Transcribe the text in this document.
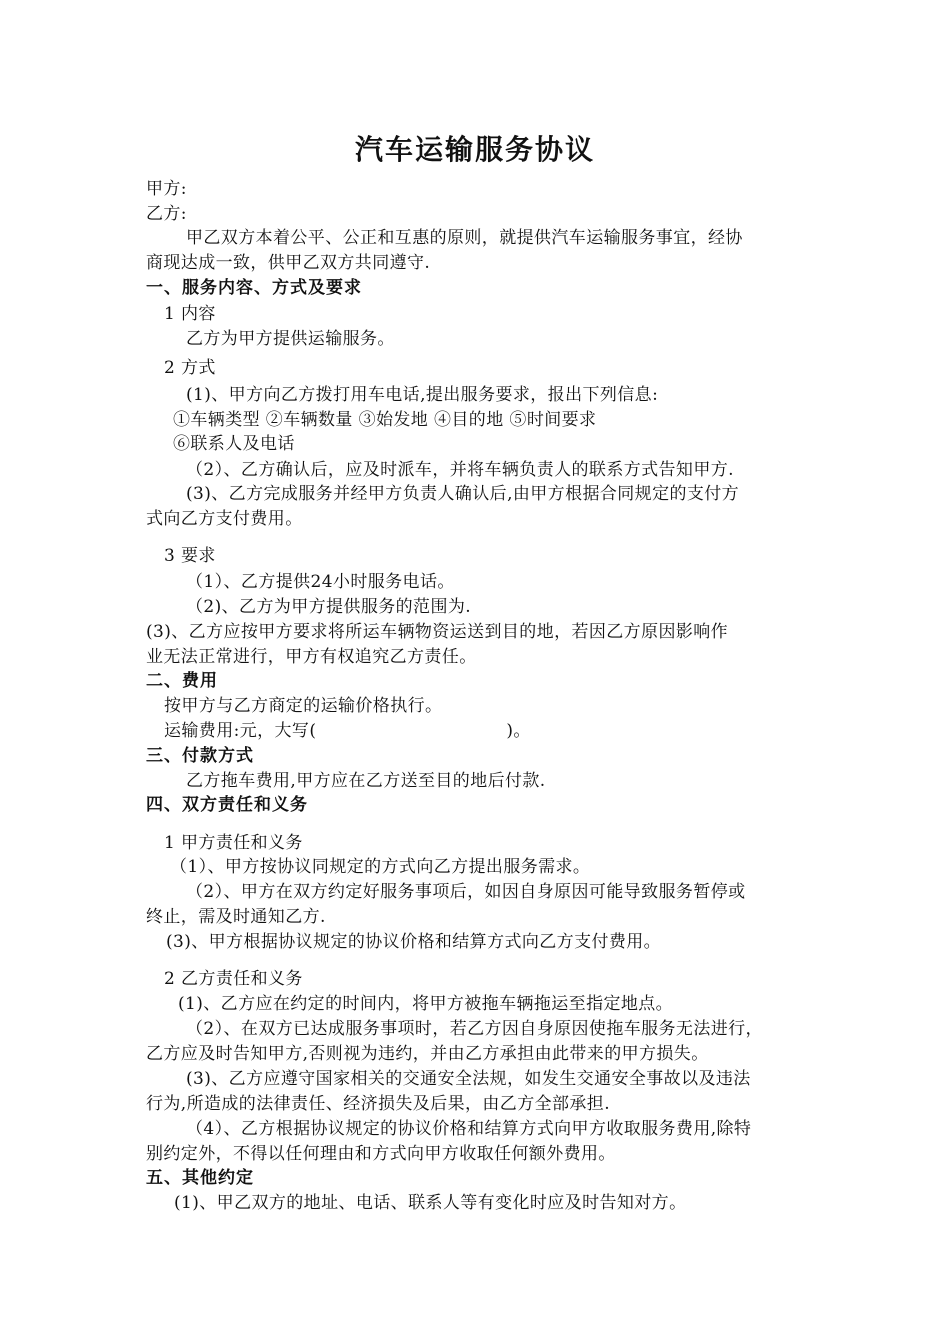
汽车运输服务协议
甲方:
乙方:
甲乙双方本着公平、公正和互惠的原则，就提供汽车运输服务事宜，经协
商现达成一致，供甲乙双方共同遵守.
一、服务内容、方式及要求
1 内容
乙方为甲方提供运输服务。
2 方式
(1)、甲方向乙方拨打用车电话,提出服务要求，报出下列信息:
①车辆类型 ②车辆数量 ③始发地 ④目的地 ⑤时间要求
⑥联系人及电话
（2）、乙方确认后，应及时派车，并将车辆负责人的联系方式告知甲方.
(3)、乙方完成服务并经甲方负责人确认后,由甲方根据合同规定的支付方
式向乙方支付费用。
3 要求
（1）、乙方提供24小时服务电话。
（2)、乙方为甲方提供服务的范围为.
(3)、乙方应按甲方要求将所运车辆物资运送到目的地，若因乙方原因影响作
业无法正常进行，甲方有权追究乙方责任。
二、费用
按甲方与乙方商定的运输价格执行。
运输费用:元，大写(	)。
三、付款方式
乙方拖车费用,甲方应在乙方送至目的地后付款.
四、双方责任和义务
1 甲方责任和义务
（1）、甲方按协议同规定的方式向乙方提出服务需求。
（2）、甲方在双方约定好服务事项后，如因自身原因可能导致服务暂停或
终止，需及时通知乙方.
(3)、甲方根据协议规定的协议价格和结算方式向乙方支付费用。
2 乙方责任和义务
(1)、乙方应在约定的时间内，将甲方被拖车辆拖运至指定地点。
（2）、在双方已达成服务事项时，若乙方因自身原因使拖车服务无法进行，
乙方应及时告知甲方,否则视为违约，并由乙方承担由此带来的甲方损失。
(3)、乙方应遵守国家相关的交通安全法规，如发生交通安全事故以及违法
行为,所造成的法律责任、经济损失及后果，由乙方全部承担.
（4）、乙方根据协议规定的协议价格和结算方式向甲方收取服务费用,除特
别约定外，不得以任何理由和方式向甲方收取任何额外费用。
五、其他约定
(1)、甲乙双方的地址、电话、联系人等有变化时应及时告知对方。
